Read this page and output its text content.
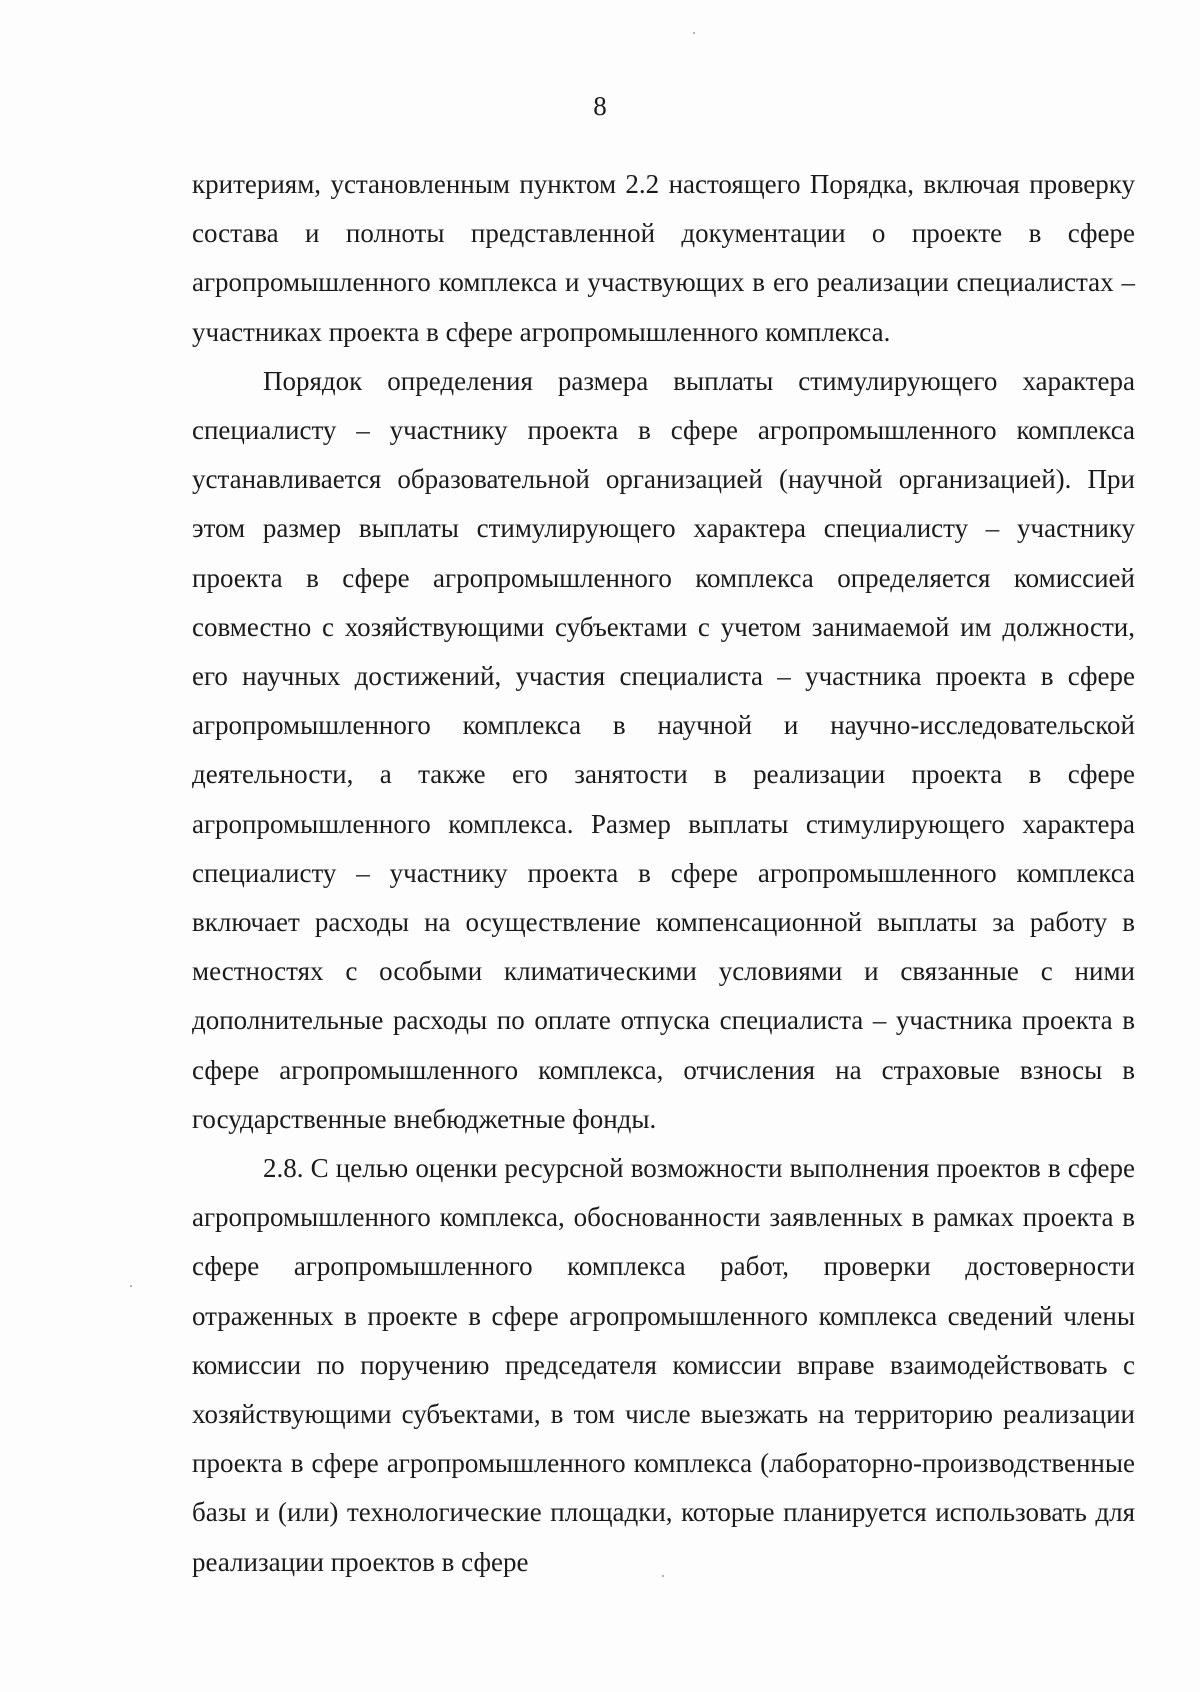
8

критериям, установленным пунктом 2.2 настоящего Порядка, включая проверку состава и полноты представленной документации о проекте в сфере агропромышленного комплекса и участвующих в его реализации специалистах – участниках проекта в сфере агропромышленного комплекса.

Порядок определения размера выплаты стимулирующего характера специалисту – участнику проекта в сфере агропромышленного комплекса устанавливается образовательной организацией (научной организацией). При этом размер выплаты стимулирующего характера специалисту – участнику проекта в сфере агропромышленного комплекса определяется комиссией совместно с хозяйствующими субъектами с учетом занимаемой им должности, его научных достижений, участия специалиста – участника проекта в сфере агропромышленного комплекса в научной и научно-исследовательской деятельности, а также его занятости в реализации проекта в сфере агропромышленного комплекса. Размер выплаты стимулирующего характера специалисту – участнику проекта в сфере агропромышленного комплекса включает расходы на осуществление компенсационной выплаты за работу в местностях с особыми климатическими условиями и связанные с ними дополнительные расходы по оплате отпуска специалиста – участника проекта в сфере агропромышленного комплекса, отчисления на страховые взносы в государственные внебюджетные фонды.

2.8. С целью оценки ресурсной возможности выполнения проектов в сфере агропромышленного комплекса, обоснованности заявленных в рамках проекта в сфере агропромышленного комплекса работ, проверки достоверности отраженных в проекте в сфере агропромышленного комплекса сведений члены комиссии по поручению председателя комиссии вправе взаимодействовать с хозяйствующими субъектами, в том числе выезжать на территорию реализации проекта в сфере агропромышленного комплекса (лабораторно-производственные базы и (или) технологические площадки, которые планируется использовать для реализации проектов в сфере
